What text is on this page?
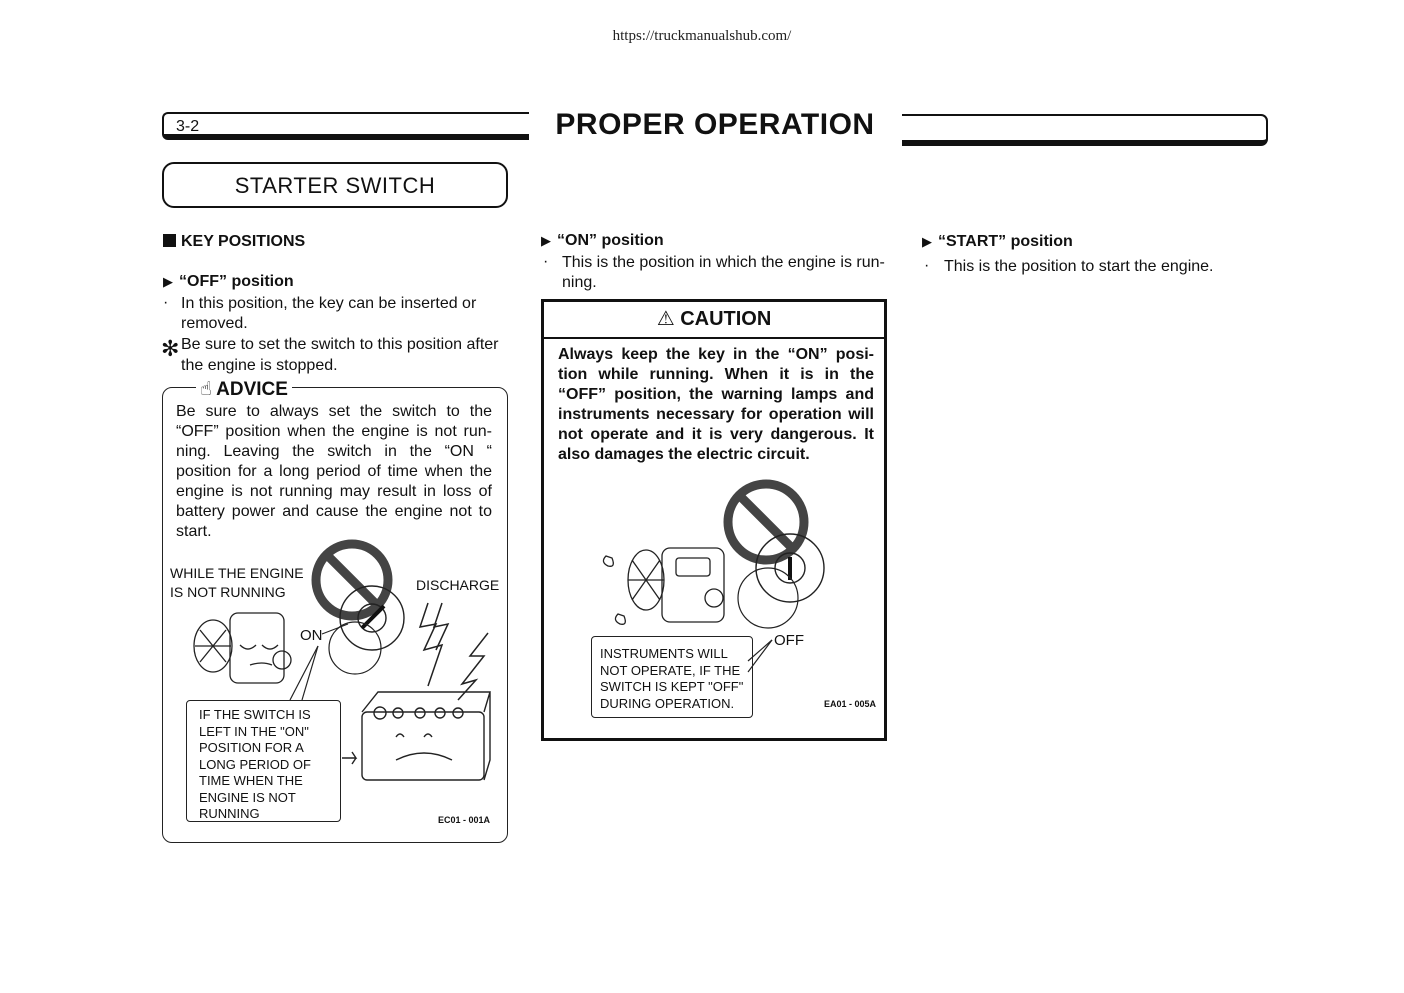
https://truckmanualshub.com/
3-2	PROPER OPERATION
STARTER SWITCH
KEY POSITIONS
▶ “OFF” position
· In this position, the key can be inserted or
removed.
✻ Be sure to set the switch to this position after
the engine is stopped.
☝ ADVICE
Be sure to always set the switch to the “OFF” position when the engine is not run- ning. Leaving the switch in the “ON “ position for a long period of time when the engine is not running may result in loss of battery power and cause the engine not to start.
WHILE THE ENGINE
IS NOT RUNNING	DISCHARGE
ON
IF THE SWITCH IS
LEFT IN THE "ON"
POSITION FOR A
LONG PERIOD OF
TIME WHEN THE
ENGINE IS NOT
RUNNING	EC01 - 001A
▶ “ON” position
· This is the position in which the engine is run-
ning.
⚠ CAUTION
Always keep the key in the “ON” posi- tion while running. When it is in the “OFF” position, the warning lamps and instruments necessary for operation will not operate and it is very dangerous. It also damages the electric circuit.
OFF
INSTRUMENTS WILL
NOT OPERATE, IF THE
SWITCH IS KEPT "OFF"
DURING OPERATION.	EA01 - 005A
▶ “START” position
· This is the position to start the engine.
